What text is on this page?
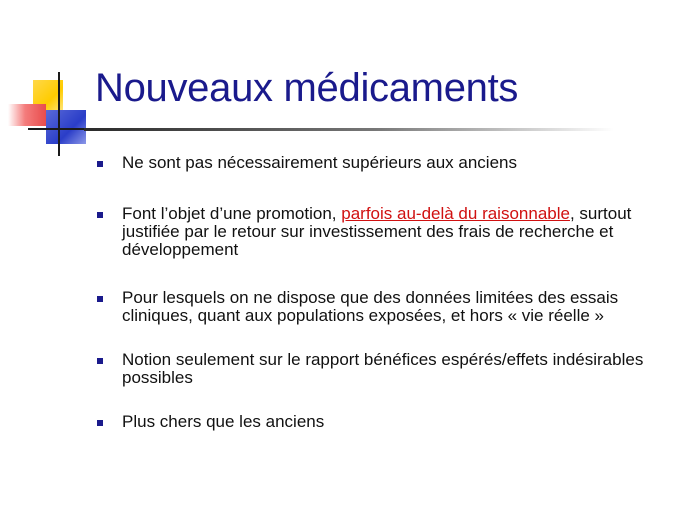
Nouveaux médicaments
Ne sont pas nécessairement supérieurs aux anciens
Font l’objet d’une promotion, parfois au-delà du raisonnable, surtout justifiée par le retour sur investissement des frais de recherche et développement
Pour lesquels on ne dispose que des données limitées des essais cliniques, quant aux populations exposées, et hors « vie réelle »
Notion seulement sur le rapport bénéfices espérés/effets indésirables possibles
Plus chers que les anciens
